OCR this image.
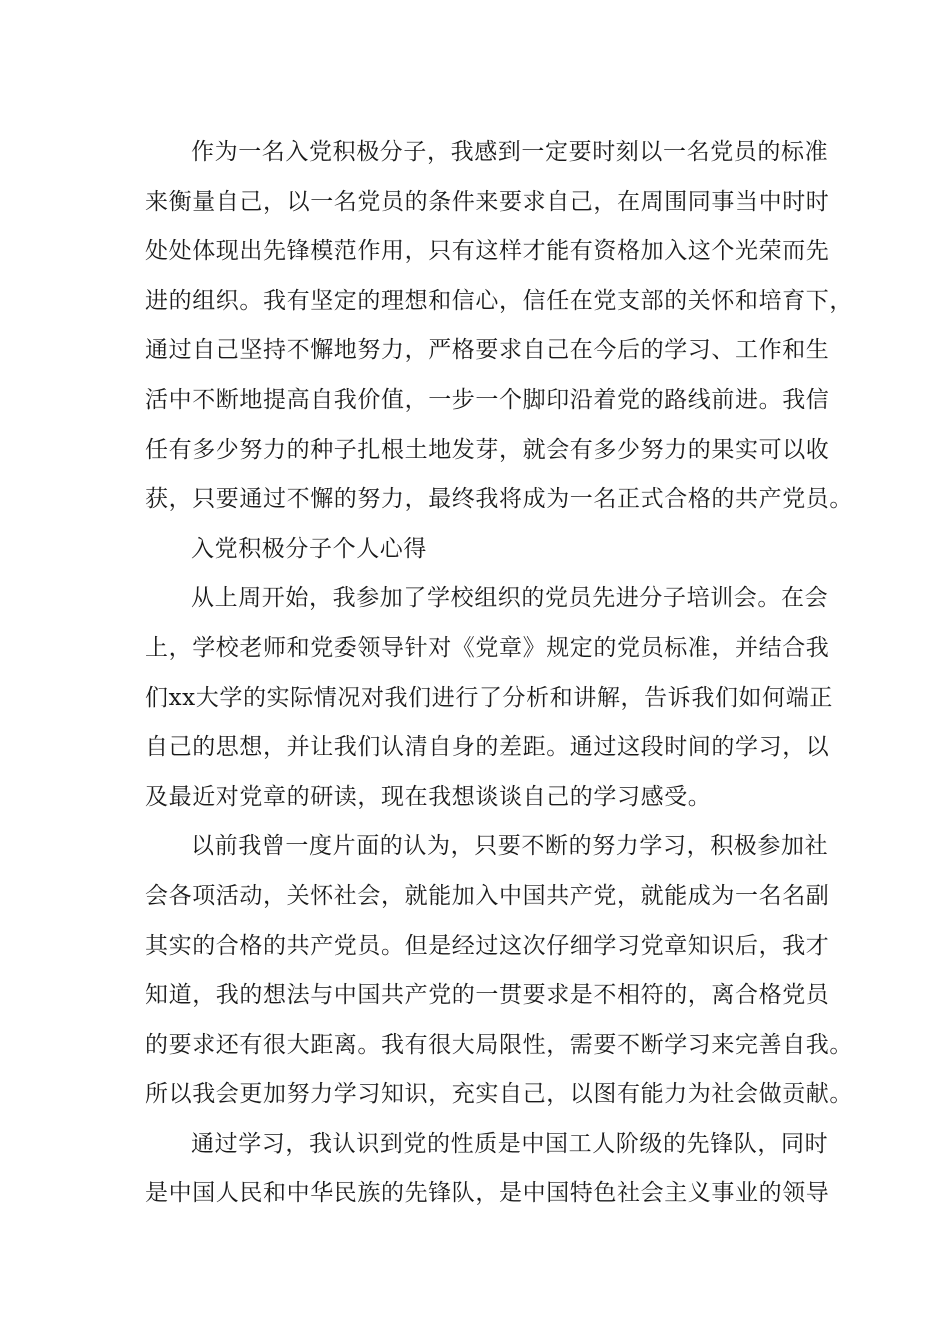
作为一名入党积极分子，我感到一定要时刻以一名党员的标准
来衡量自己，以一名党员的条件来要求自己，在周围同事当中时时
处处体现出先锋模范作用，只有这样才能有资格加入这个光荣而先
进的组织。我有坚定的理想和信心，信任在党支部的关怀和培育下，
通过自己坚持不懈地努力，严格要求自己在今后的学习、工作和生
活中不断地提高自我价值，一步一个脚印沿着党的路线前进。我信
任有多少努力的种子扎根土地发芽，就会有多少努力的果实可以收
获，只要通过不懈的努力，最终我将成为一名正式合格的共产党员。
入党积极分子个人心得
从上周开始，我参加了学校组织的党员先进分子培训会。在会
上，学校老师和党委领导针对《党章》规定的党员标准，并结合我
们xx大学的实际情况对我们进行了分析和讲解，告诉我们如何端正
自己的思想，并让我们认清自身的差距。通过这段时间的学习，以
及最近对党章的研读，现在我想谈谈自己的学习感受。
以前我曾一度片面的认为，只要不断的努力学习，积极参加社
会各项活动，关怀社会，就能加入中国共产党，就能成为一名名副
其实的合格的共产党员。但是经过这次仔细学习党章知识后，我才
知道，我的想法与中国共产党的一贯要求是不相符的，离合格党员
的要求还有很大距离。我有很大局限性，需要不断学习来完善自我。
所以我会更加努力学习知识，充实自己，以图有能力为社会做贡献。
通过学习，我认识到党的性质是中国工人阶级的先锋队，同时
是中国人民和中华民族的先锋队，是中国特色社会主义事业的领导
